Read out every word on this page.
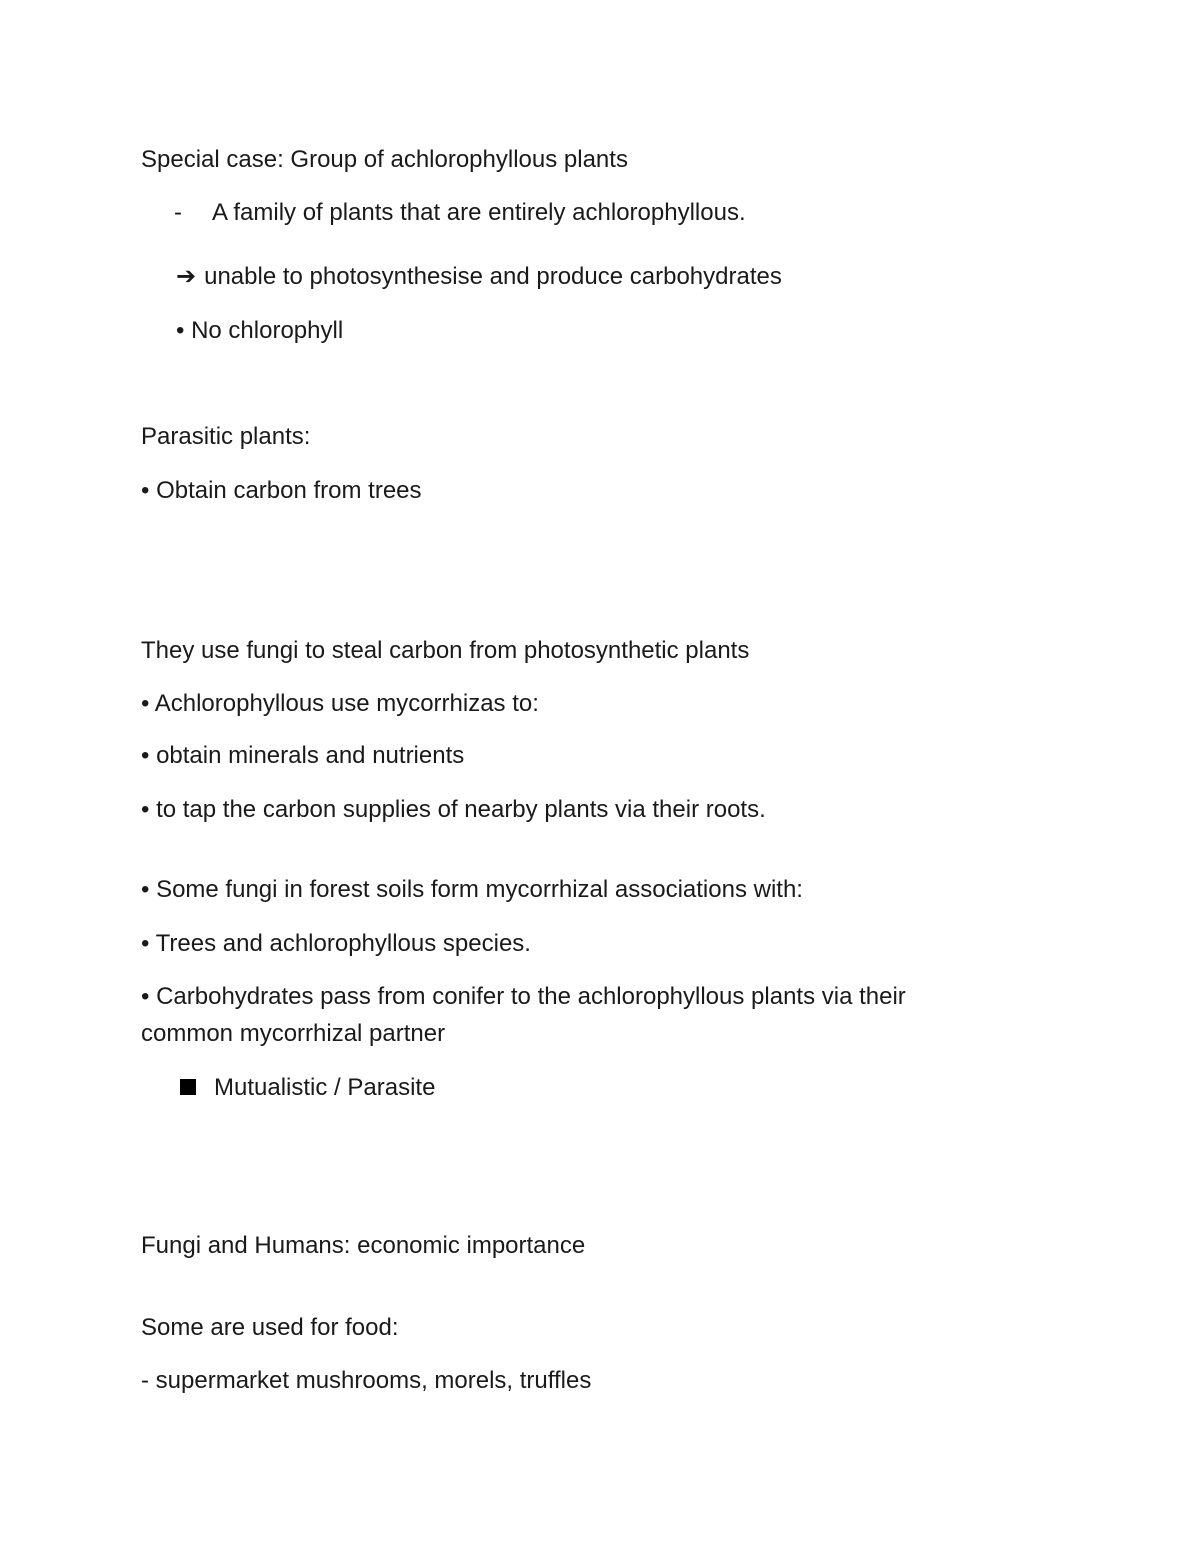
Special case: Group of achlorophyllous plants
- A family of plants that are entirely achlorophyllous.
➔ unable to photosynthesise and produce carbohydrates
• No chlorophyll
Parasitic plants:
• Obtain carbon from trees
They use fungi to steal carbon from photosynthetic plants
• Achlorophyllous use mycorrhizas to:
• obtain minerals and nutrients
• to tap the carbon supplies of nearby plants via their roots.
• Some fungi in forest soils form mycorrhizal associations with:
• Trees and achlorophyllous species.
• Carbohydrates pass from conifer to the achlorophyllous plants via their
common mycorrhizal partner
Mutualistic / Parasite
Fungi and Humans: economic importance
Some are used for food:
- supermarket mushrooms, morels, truffles
